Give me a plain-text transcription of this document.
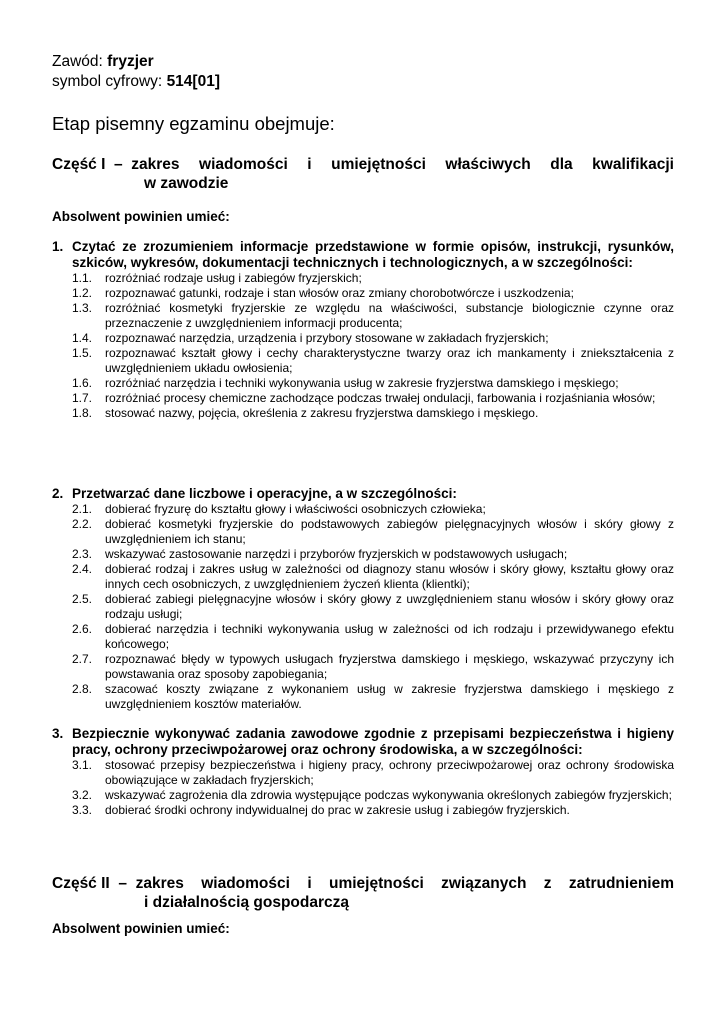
Zawód: fryzjer
symbol cyfrowy: 514[01]
Etap pisemny egzaminu obejmuje:
Część I  – zakres wiadomości i umiejętności właściwych dla kwalifikacji
w zawodzie
Absolwent powinien umieć:
1. Czytać ze zrozumieniem informacje przedstawione w formie opisów, instrukcji, rysunków, szkiców, wykresów, dokumentacji technicznych i technologicznych, a w szczególności:
1.1.	rozróżniać rodzaje usług i zabiegów fryzjerskich;
1.2.	rozpoznawać gatunki, rodzaje i stan włosów oraz zmiany chorobotwórcze i uszkodzenia;
1.3.	rozróżniać kosmetyki fryzjerskie ze względu na właściwości, substancje biologicznie czynne oraz przeznaczenie z uwzględnieniem informacji producenta;
1.4.	rozpoznawać narzędzia, urządzenia i przybory stosowane w zakładach fryzjerskich;
1.5.	rozpoznawać kształt głowy i cechy charakterystyczne twarzy oraz ich mankamenty i zniekształcenia z uwzględnieniem układu owłosienia;
1.6.	rozróżniać narzędzia i techniki wykonywania usług w zakresie fryzjerstwa damskiego i męskiego;
1.7.	rozróżniać procesy chemiczne zachodzące podczas trwałej ondulacji, farbowania i rozjaśniania włosów;
1.8.	stosować nazwy, pojęcia, określenia z zakresu fryzjerstwa damskiego i męskiego.
2. Przetwarzać dane liczbowe i operacyjne, a w szczególności:
2.1.	dobierać fryzurę do kształtu głowy i właściwości osobniczych człowieka;
2.2.	dobierać kosmetyki fryzjerskie do podstawowych zabiegów pielęgnacyjnych włosów i skóry głowy z uwzględnieniem ich stanu;
2.3.	wskazywać zastosowanie narzędzi i przyborów fryzjerskich w podstawowych usługach;
2.4.	dobierać rodzaj i zakres usług w zależności od diagnozy stanu włosów i skóry głowy, kształtu głowy oraz innych cech osobniczych, z uwzględnieniem życzeń klienta (klientki);
2.5.	dobierać zabiegi pielęgnacyjne włosów i skóry głowy z uwzględnieniem stanu włosów i skóry głowy oraz rodzaju usługi;
2.6.	dobierać narzędzia i techniki wykonywania usług w zależności od ich rodzaju i przewidywanego efektu końcowego;
2.7.	rozpoznawać błędy w typowych usługach fryzjerstwa damskiego i męskiego, wskazywać przyczyny ich powstawania oraz sposoby zapobiegania;
2.8.	szacować koszty związane z wykonaniem usług w zakresie fryzjerstwa damskiego i męskiego z uwzględnieniem kosztów materiałów.
3. Bezpiecznie wykonywać zadania zawodowe zgodnie z przepisami bezpieczeństwa i higieny pracy, ochrony przeciwpożarowej oraz ochrony środowiska, a w szczególności:
3.1.	stosować przepisy bezpieczeństwa i higieny pracy, ochrony przeciwpożarowej oraz ochrony środowiska obowiązujące w zakładach fryzjerskich;
3.2.	wskazywać zagrożenia dla zdrowia występujące podczas wykonywania określonych zabiegów fryzjerskich;
3.3.	dobierać środki ochrony indywidualnej do prac w zakresie usług i zabiegów fryzjerskich.
Część II  – zakres wiadomości i umiejętności związanych z zatrudnieniem
i działalnością gospodarczą
Absolwent powinien umieć:
